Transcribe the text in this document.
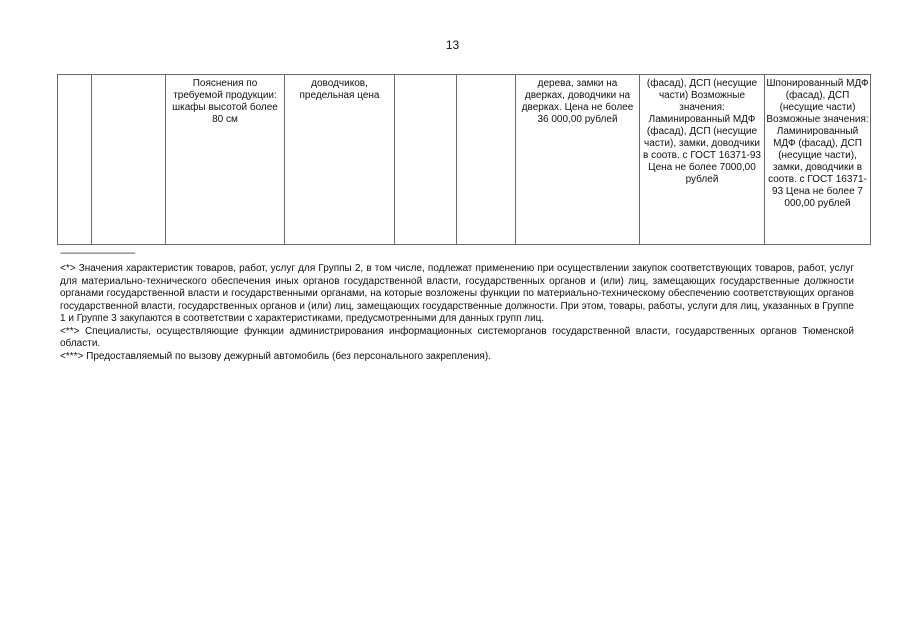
13
		Пояснения по требуемой продукции: шкафы высотой более 80 см	доводчиков, предельная цена			дерева, замки на дверках, доводчики на дверках. Цена не более 36 000,00 рублей	(фасад), ДСП (несущие части) Возможные значения: Ламинированный МДФ (фасад), ДСП (несущие части), замки, доводчики в соотв. с ГОСТ 16371-93 Цена не более 7000,00 рублей	Шпонированный МДФ (фасад), ДСП (несущие части) Возможные значения: Ламинированный МДФ (фасад), ДСП (несущие части), замки, доводчики в соотв. с ГОСТ 16371-93 Цена не более 7 000,00 рублей
--------------------------------

<*> Значения характеристик товаров, работ, услуг для Группы 2, в том числе, подлежат применению при осуществлении закупок соответствующих товаров, работ, услуг для материально-технического обеспечения иных органов государственной власти, государственных органов и (или) лиц, замещающих государственные должности органами государственной власти и государственными органами, на которые возложены функции по материально-техническому обеспечению соответствующих органов государственной власти, государственных органов и (или) лиц, замещающих государственные должности. При этом, товары, работы, услуги для лиц, указанных в Группе 1 и Группе 3 закупаются в соответствии с характеристиками, предусмотренными для данных групп лиц.

<**> Специалисты, осуществляющие функции администрирования информационных системорганов государственной власти, государственных органов Тюменской области.

<***> Предоставляемый по вызову дежурный автомобиль (без персонального закрепления).
